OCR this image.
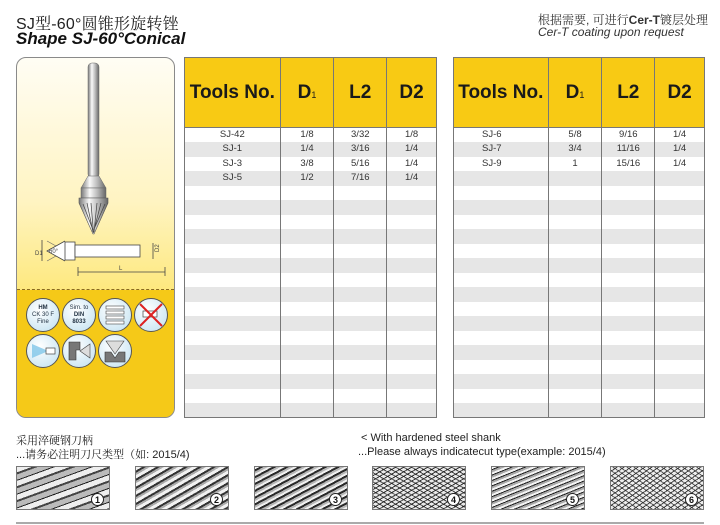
SJ型-60°圆锥形旋转锉
Shape SJ-60°Conical
根据需要, 可进行Cer-T镀层处理
Cer-T coating upon request
D1 60°	D2
L
HM
CK 30 F
Fine
Sim. to
DIN
8033
Tools No.	D1	L2	D2
SJ-42	1/8	3/32	1/8
SJ-1	1/4	3/16	1/4
SJ-3	3/8	5/16	1/4
SJ-5	1/2	7/16	1/4

Tools No.	D1	L2	D2
SJ-6	5/8	9/16	1/4
SJ-7	3/4	11/16	1/4
SJ-9	1	15/16	1/4

采用淬硬钢刀柄
...请务必注明刀尺类型（如: 2015/4)
< With hardened steel shank
...Please always indicatecut type(example: 2015/4)
1	2	3	4	5	6
